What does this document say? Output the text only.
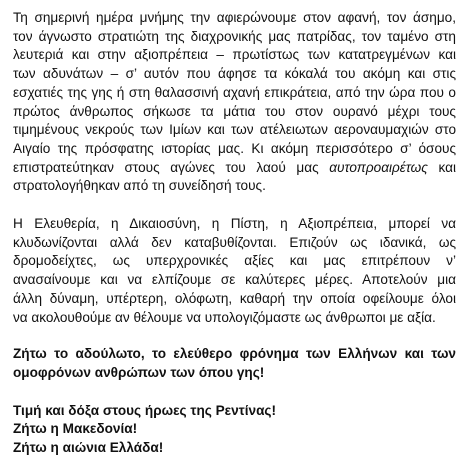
Τη σημερινή ημέρα μνήμης την αφιερώνουμε στον αφανή, τον άσημο,
τον άγνωστο στρατιώτη της διαχρονικής μας πατρίδας, τον ταμένο στη
λευτεριά και στην αξιοπρέπεια – πρωτίστως των κατατρεγμένων και
των αδυνάτων – σ’ αυτόν που άφησε τα κόκαλά του ακόμη και στις
εσχατιές της γης ή στη θαλασσινή αχανή επικράτεια, από την ώρα που ο
πρώτος άνθρωπος σήκωσε τα μάτια του στον ουρανό μέχρι τους
τιμημένους νεκρούς των Ιμίων και των ατέλειωτων αεροναυμαχιών στο
Αιγαίο της πρόσφατης ιστορίας μας. Κι ακόμη περισσότερο σ’ όσους
επιστρατεύτηκαν στους αγώνες του λαού μας αυτοπροαιρέτως και
στρατολογήθηκαν από τη συνείδησή τους.

Η Ελευθερία, η Δικαιοσύνη, η Πίστη, η Αξιοπρέπεια, μπορεί να
κλυδωνίζονται αλλά δεν καταβυθίζονται. Επιζούν ως ιδανικά, ως
δρομοδείχτες, ως υπερχρονικές αξίες και μας επιτρέπουν ν’
ανασαίνουμε και να ελπίζουμε σε καλύτερες μέρες. Αποτελούν μια
άλλη δύναμη, υπέρτερη, ολόφωτη, καθαρή την οποία οφείλουμε όλοι
να ακολουθούμε αν θέλουμε να υπολογιζόμαστε ως άνθρωποι με αξία.

Ζήτω το αδούλωτο, το ελεύθερο φρόνημα των Ελλήνων και των
ομοφρόνων ανθρώπων των όπου γης!

Τιμή και δόξα στους ήρωες της Ρεντίνας!
Ζήτω η Μακεδονία!
Ζήτω η αιώνια Ελλάδα!
